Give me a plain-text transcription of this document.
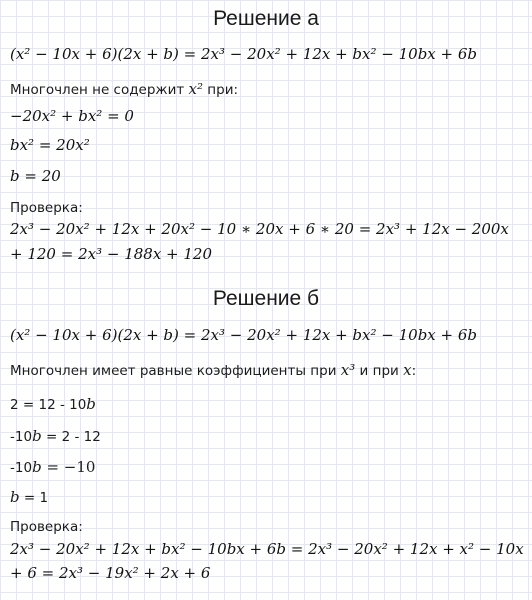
Решение а
(x² − 10x + 6)(2x + b) = 2x³ − 20x² + 12x + bx² − 10bx + 6b
Многочлен не содержит x² при:
−20x² + bx² = 0
bx² = 20x²
b = 20
Проверка:
2x³ − 20x² + 12x + 20x² − 10 ∗ 20x + 6 ∗ 20 = 2x³ + 12x − 200x
+ 120 = 2x³ − 188x + 120
Решение б
(x² − 10x + 6)(2x + b) = 2x³ − 20x² + 12x + bx² − 10bx + 6b
Многочлен имеет равные коэффициенты при x³ и при x:
2 = 12 - 10b
-10b = 2 - 12
-10b = −10
b = 1
Проверка:
2x³ − 20x² + 12x + bx² − 10bx + 6b = 2x³ − 20x² + 12x + x² − 10x
+ 6 = 2x³ − 19x² + 2x + 6
